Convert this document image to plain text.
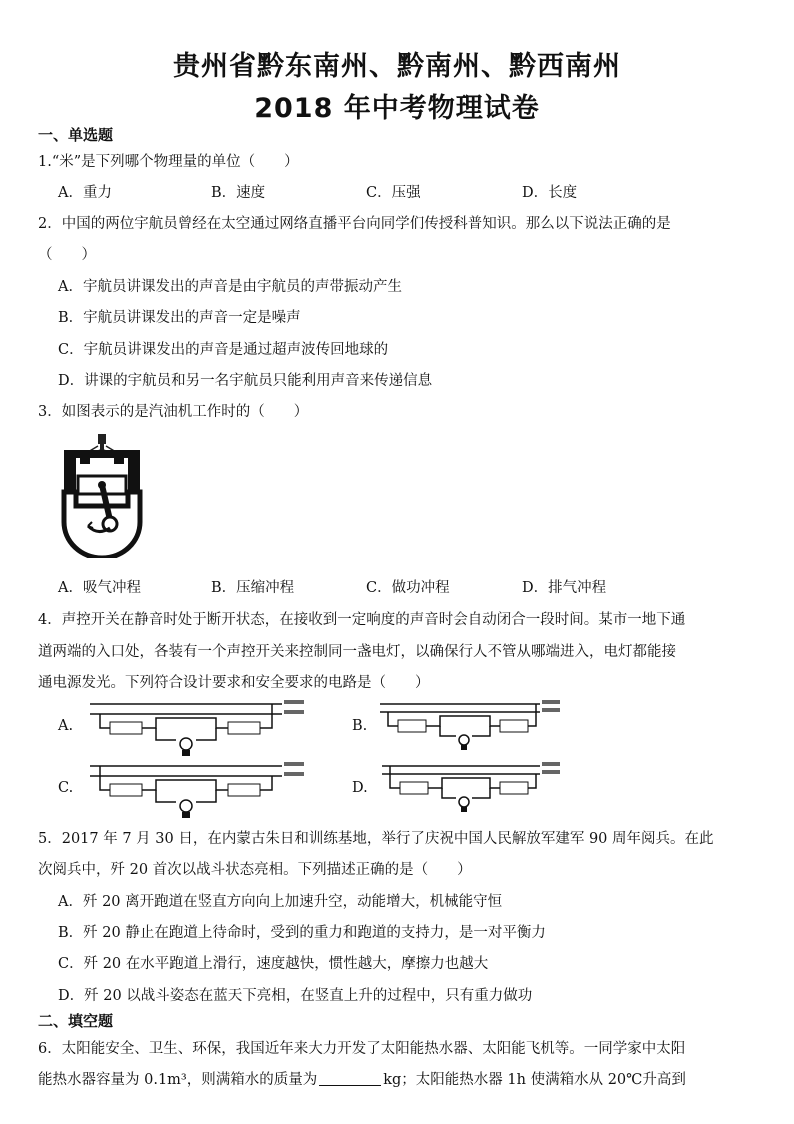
贵州省黔东南州、黔南州、黔西南州
2018 年中考物理试卷
一、单选题
1.“米”是下列哪个物理量的单位（　　）
A．重力	B．速度	C．压强	D．长度
2．中国的两位宇航员曾经在太空通过网络直播平台向同学们传授科普知识。那么以下说法正确的是
（　　）
A．宇航员讲课发出的声音是由宇航员的声带振动产生
B．宇航员讲课发出的声音一定是噪声
C．宇航员讲课发出的声音是通过超声波传回地球的
D．讲课的宇航员和另一名宇航员只能利用声音来传递信息
3．如图表示的是汽油机工作时的（　　）
A．吸气冲程	B．压缩冲程	C．做功冲程	D．排气冲程
4．声控开关在静音时处于断开状态，在接收到一定响度的声音时会自动闭合一段时间。某市一地下通
道两端的入口处，各装有一个声控开关来控制同一盏电灯，以确保行人不管从哪端进入，电灯都能接
通电源发光。下列符合设计要求和安全要求的电路是（　　）
A.	B.
C.	D.
5．2017 年 7 月 30 日，在内蒙古朱日和训练基地，举行了庆祝中国人民解放军建军 90 周年阅兵。在此
次阅兵中，歼 20 首次以战斗状态亮相。下列描述正确的是（　　）
A．歼 20 离开跑道在竖直方向向上加速升空，动能增大，机械能守恒
B．歼 20 静止在跑道上待命时，受到的重力和跑道的支持力，是一对平衡力
C．歼 20 在水平跑道上滑行，速度越快，惯性越大，摩擦力也越大
D．歼 20 以战斗姿态在蓝天下亮相，在竖直上升的过程中，只有重力做功
二、填空题
6．太阳能安全、卫生、环保，我国近年来大力开发了太阳能热水器、太阳能飞机等。一同学家中太阳
能热水器容量为 0.1m³，则满箱水的质量为	kg；太阳能热水器 1h 使满箱水从 20℃升高到
